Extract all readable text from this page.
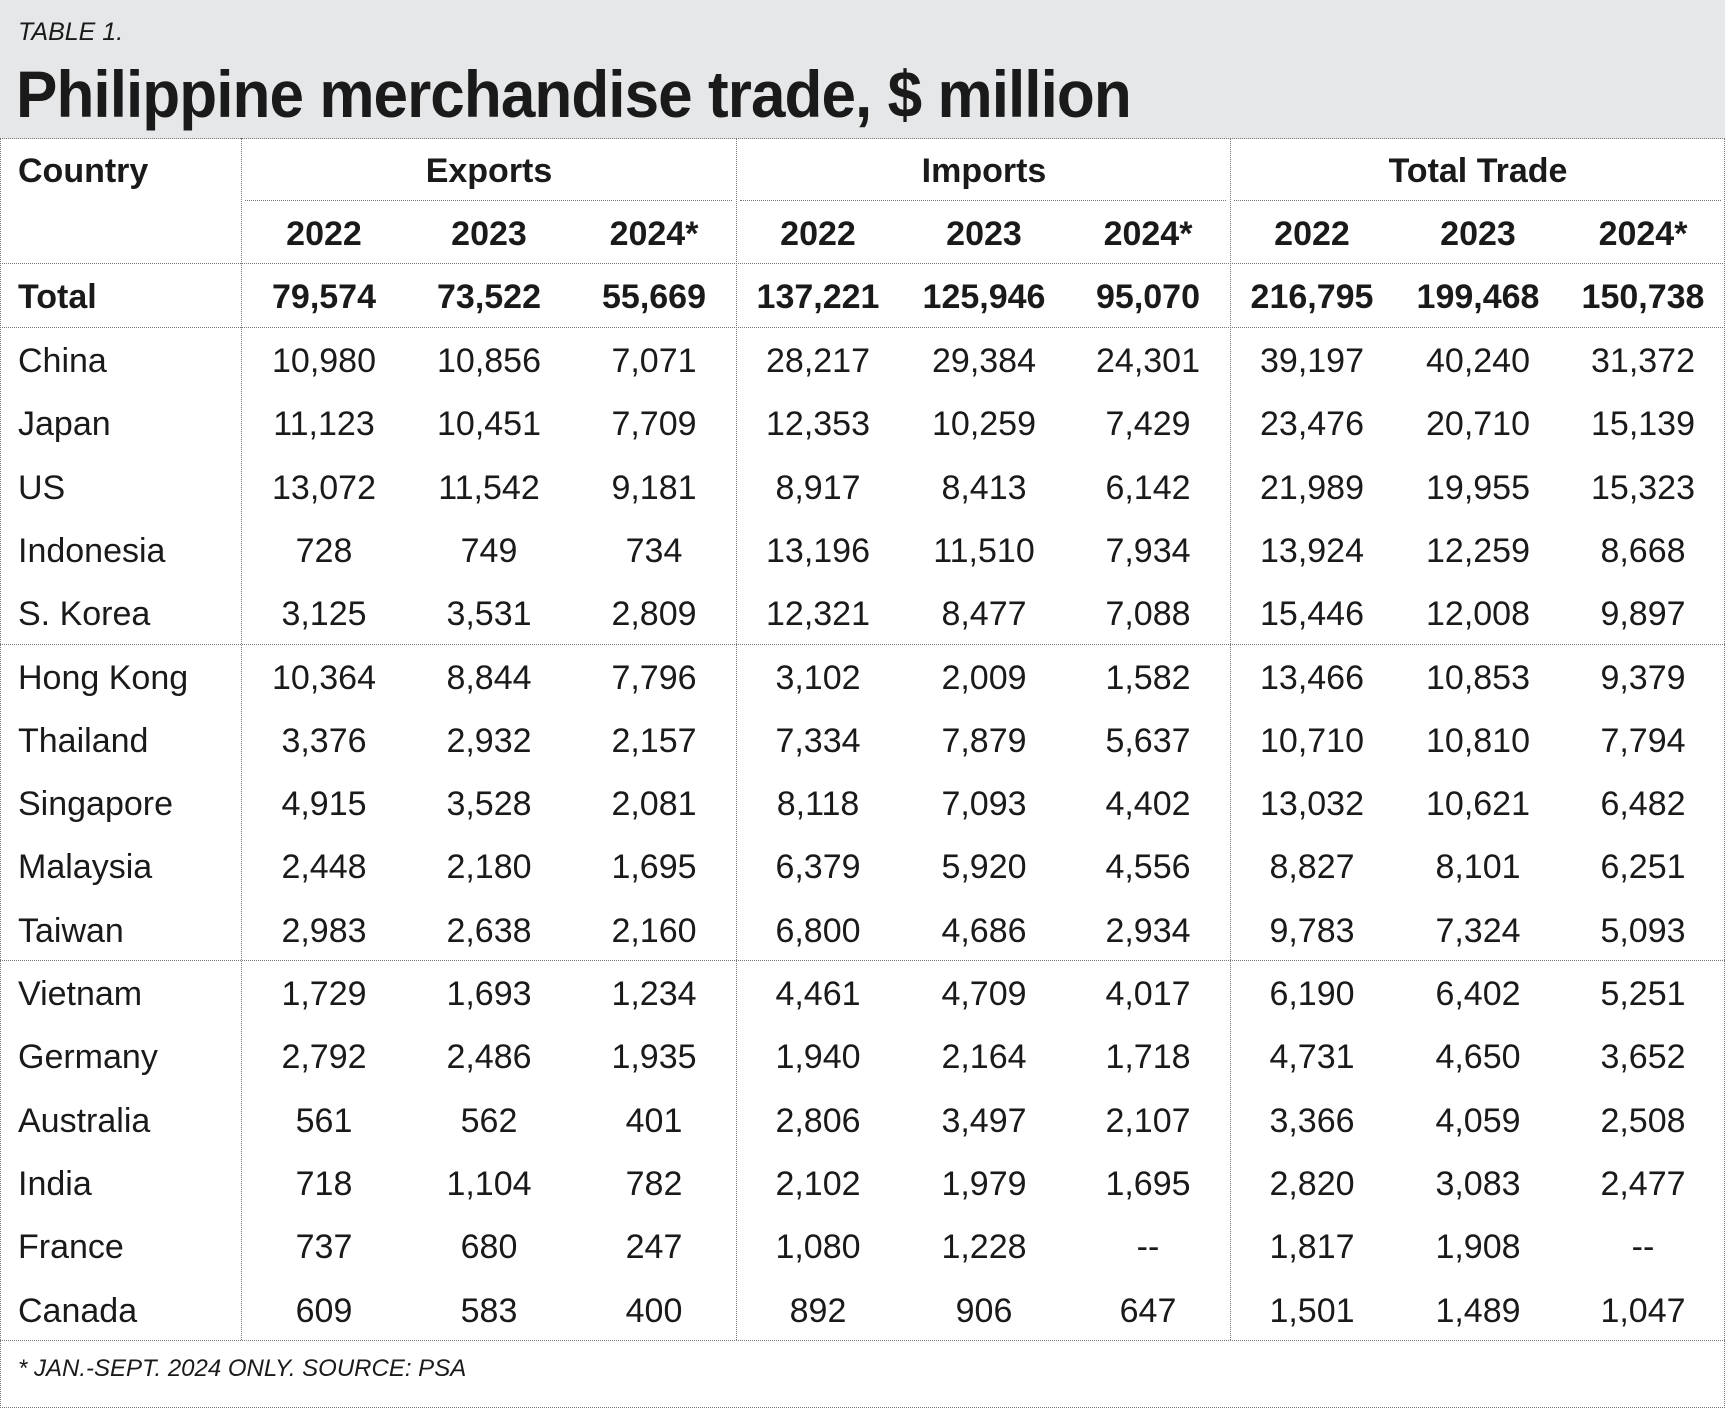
TABLE 1.
Philippine merchandise trade, $ million
Country	Exports	Imports	Total Trade
2022	2023	2024*	2022	2023	2024*	2022	2023	2024*
Total	79,574	73,522	55,669	137,221	125,946	95,070	216,795	199,468	150,738
China	10,980	10,856	7,071	28,217	29,384	24,301	39,197	40,240	31,372
Japan	11,123	10,451	7,709	12,353	10,259	7,429	23,476	20,710	15,139
US	13,072	11,542	9,181	8,917	8,413	6,142	21,989	19,955	15,323
Indonesia	728	749	734	13,196	11,510	7,934	13,924	12,259	8,668
S. Korea	3,125	3,531	2,809	12,321	8,477	7,088	15,446	12,008	9,897
Hong Kong	10,364	8,844	7,796	3,102	2,009	1,582	13,466	10,853	9,379
Thailand	3,376	2,932	2,157	7,334	7,879	5,637	10,710	10,810	7,794
Singapore	4,915	3,528	2,081	8,118	7,093	4,402	13,032	10,621	6,482
Malaysia	2,448	2,180	1,695	6,379	5,920	4,556	8,827	8,101	6,251
Taiwan	2,983	2,638	2,160	6,800	4,686	2,934	9,783	7,324	5,093
Vietnam	1,729	1,693	1,234	4,461	4,709	4,017	6,190	6,402	5,251
Germany	2,792	2,486	1,935	1,940	2,164	1,718	4,731	4,650	3,652
Australia	561	562	401	2,806	3,497	2,107	3,366	4,059	2,508
India	718	1,104	782	2,102	1,979	1,695	2,820	3,083	2,477
France	737	680	247	1,080	1,228	--	1,817	1,908	--
Canada	609	583	400	892	906	647	1,501	1,489	1,047
* JAN.-SEPT. 2024 ONLY. SOURCE: PSA
